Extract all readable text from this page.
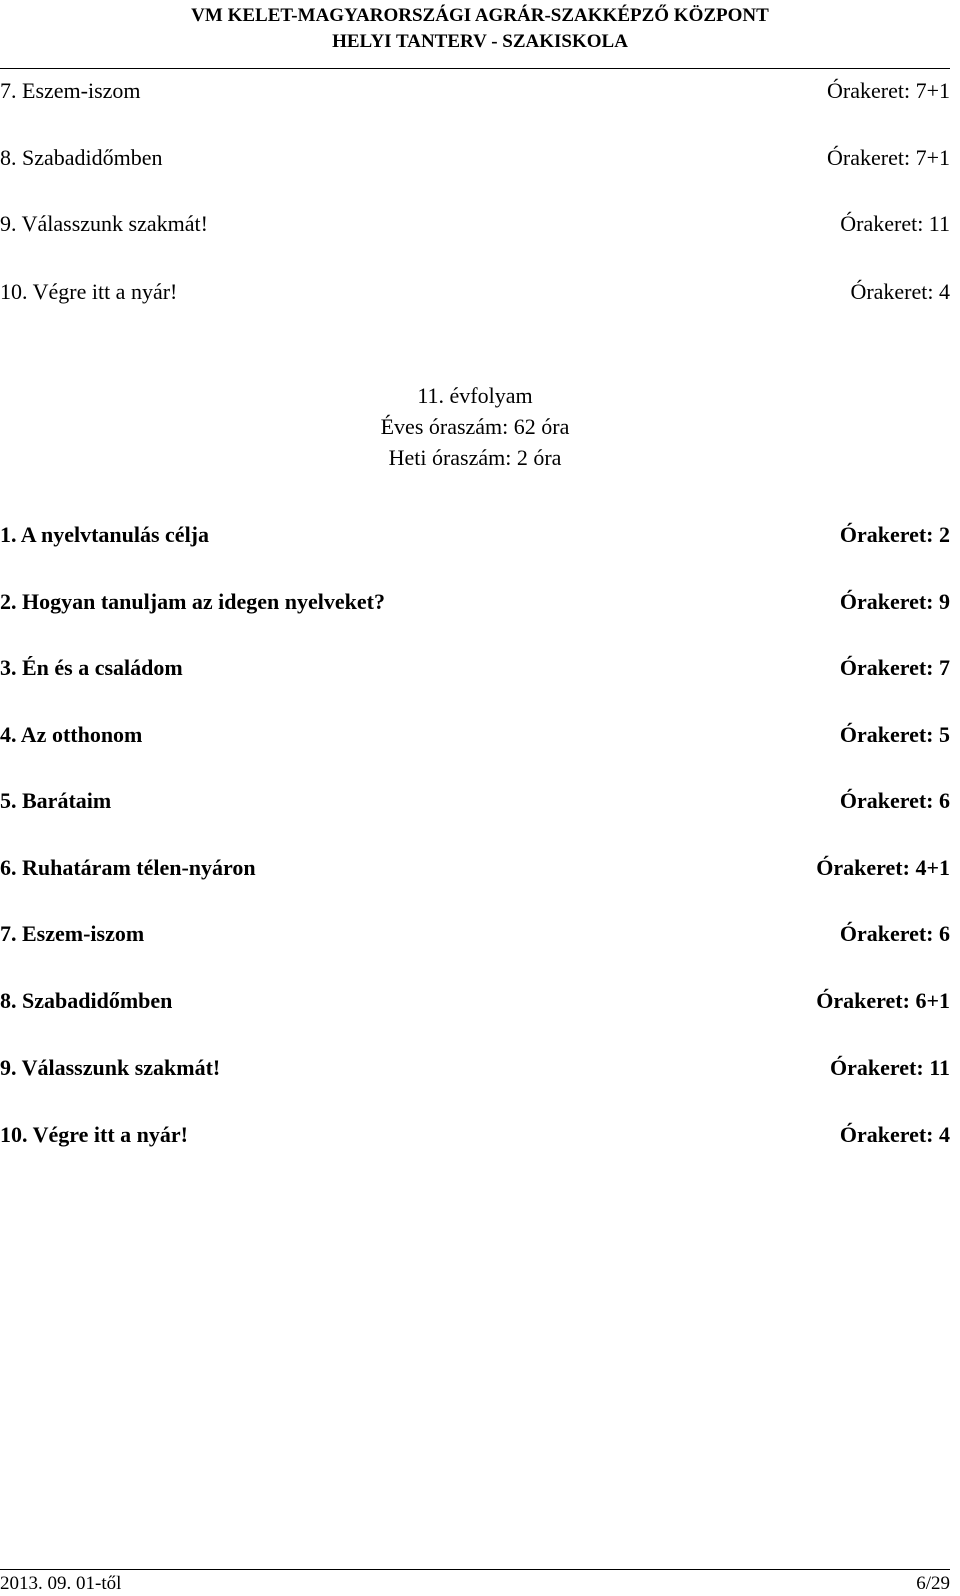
VM KELET-MAGYARORSZÁGI AGRÁR-SZAKKÉPZŐ KÖZPONT
HELYI TANTERV - SZAKISKOLA
7. Eszem-iszom	Órakeret: 7+1
8. Szabadidőmben	Órakeret: 7+1
9. Válasszunk szakmát!	Órakeret: 11
10. Végre itt a nyár!	Órakeret: 4
11. évfolyam
Éves óraszám: 62 óra
Heti óraszám: 2 óra
1. A nyelvtanulás célja	Órakeret: 2
2. Hogyan tanuljam az idegen nyelveket?	Órakeret: 9
3. Én és a családom	Órakeret: 7
4. Az otthonom	Órakeret: 5
5. Barátaim	Órakeret: 6
6. Ruhatáram télen-nyáron	Órakeret: 4+1
7. Eszem-iszom	Órakeret: 6
8. Szabadidőmben	Órakeret: 6+1
9. Válasszunk szakmát!	Órakeret: 11
10. Végre itt a nyár!	Órakeret: 4
2013. 09. 01-től	6/29
